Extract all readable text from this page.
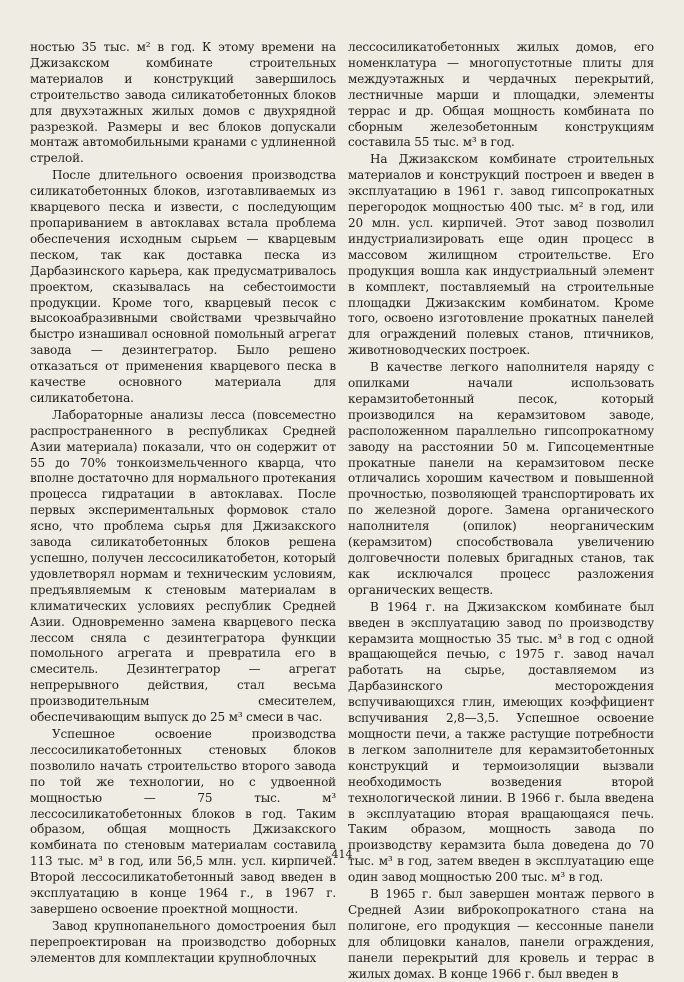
ностью 35 тыс. м² в год. К этому времени на Джизакском комбинате строительных материалов и конструкций завершилось строительство завода силикатобетонных блоков для двухэтажных жилых домов с двухрядной разрезкой. Размеры и вес блоков допускали монтаж автомобильными кранами с удлиненной стрелой.

После длительного освоения производства силикатобетонных блоков, изготавливаемых из кварцевого песка и извести, с последующим пропариванием в автоклавах встала проблема обеспечения исходным сырьем — кварцевым песком, так как доставка песка из Дарбазинского карьера, как предусматривалось проектом, сказывалась на себестоимости продукции. Кроме того, кварцевый песок с высокоабразивными свойствами чрезвычайно быстро изнашивал основной помольный агрегат завода — дезинтегратор. Было решено отказаться от применения кварцевого песка в качестве основного материала для силикатобетона.

Лабораторные анализы лесса (повсеместно распространенного в республиках Средней Азии материала) показали, что он содержит от 55 до 70% тонкоизмельченного кварца, что вполне достаточно для нормального протекания процесса гидратации в автоклавах. После первых экспериментальных формовок стало ясно, что проблема сырья для Джизакского завода силикатобетонных блоков решена успешно, получен лессосиликатобетон, который удовлетворял нормам и техническим условиям, предъявляемым к стеновым материалам в климатических условиях республик Средней Азии. Одновременно замена кварцевого песка лессом сняла с дезинтегратора функции помольного агрегата и превратила его в смеситель. Дезинтегратор — агрегат непрерывного действия, стал весьма производительным смесителем, обеспечивающим выпуск до 25 м³ смеси в час.

Успешное освоение производства лессосиликатобетонных стеновых блоков позволило начать строительство второго завода по той же технологии, но с удвоенной мощностью — 75 тыс. м³ лессосиликатобетонных блоков в год. Таким образом, общая мощность Джизакского комбината по стеновым материалам составила 113 тыс. м³ в год, или 56,5 млн. усл. кирпичей. Второй лессосиликатобетонный завод введен в эксплуатацию в конце 1964 г., в 1967 г. завершено освоение проектной мощности.

Завод крупнопанельного домостроения был перепроектирован на производство доборных элементов для комплектации крупноблочных

лессосиликатобетонных жилых домов, его номенклатура — многопустотные плиты для междуэтажных и чердачных перекрытий, лестничные марши и площадки, элементы террас и др. Общая мощность комбината по сборным железобетонным конструкциям составила 55 тыс. м³ в год.

На Джизакском комбинате строительных материалов и конструкций построен и введен в эксплуатацию в 1961 г. завод гипсопрокатных перегородок мощностью 400 тыс. м² в год, или 20 млн. усл. кирпичей. Этот завод позволил индустриализировать еще один процесс в массовом жилищном строительстве. Его продукция вошла как индустриальный элемент в комплект, поставляемый на строительные площадки Джизакским комбинатом. Кроме того, освоено изготовление прокатных панелей для ограждений полевых станов, птичников, животноводческих построек.

В качестве легкого наполнителя наряду с опилками начали использовать керамзитобетонный песок, который производился на керамзитовом заводе, расположенном параллельно гипсопрокатному заводу на расстоянии 50 м. Гипсоцементные прокатные панели на керамзитовом песке отличались хорошим качеством и повышенной прочностью, позволяющей транспортировать их по железной дороге. Замена органического наполнителя (опилок) неорганическим (керамзитом) способствовала увеличению долговечности полевых бригадных станов, так как исключался процесс разложения органических веществ.

В 1964 г. на Джизакском комбинате был введен в эксплуатацию завод по производству керамзита мощностью 35 тыс. м³ в год с одной вращающейся печью, с 1975 г. завод начал работать на сырье, доставляемом из Дарбазинского месторождения вспучивающихся глин, имеющих коэффициент вспучивания 2,8—3,5. Успешное освоение мощности печи, а также растущие потребности в легком заполнителе для керамзитобетонных конструкций и термоизоляции вызвали необходимость возведения второй технологической линии. В 1966 г. была введена в эксплуатацию вторая вращающаяся печь. Таким образом, мощность завода по производству керамзита была доведена до 70 тыс. м³ в год, затем введен в эксплуатацию еще один завод мощностью 200 тыс. м³ в год.

В 1965 г. был завершен монтаж первого в Средней Азии виброкопрокатного стана на полигоне, его продукция — кессонные панели для облицовки каналов, панели ограждения, панели перекрытий для кровель и террас в жилых домах. В конце 1966 г. был введен в

414
